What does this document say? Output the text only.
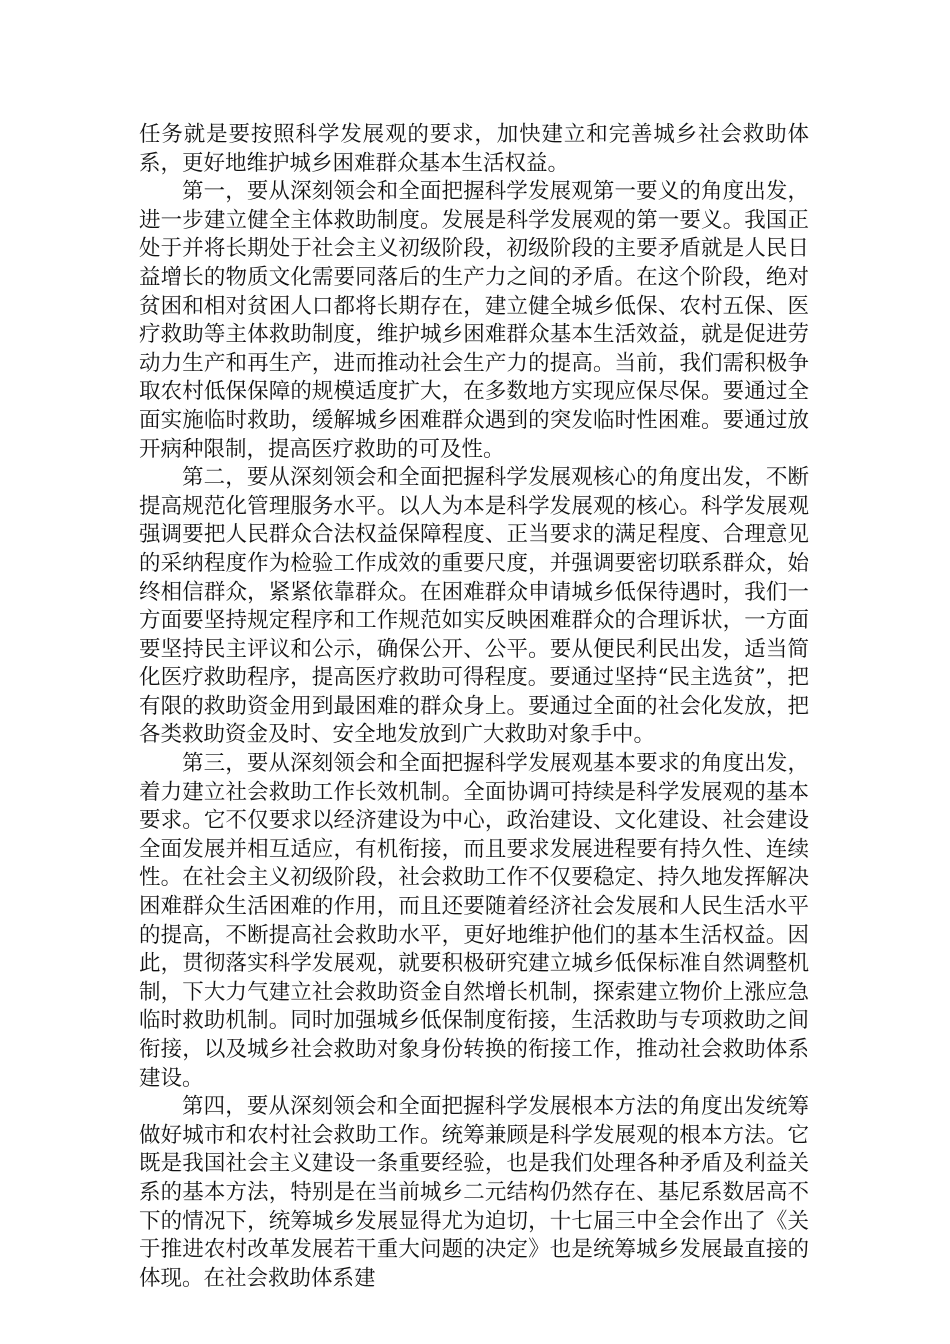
任务就是要按照科学发展观的要求，加快建立和完善城乡社会救助体系，更好地维护城乡困难群众基本生活权益。

第一，要从深刻领会和全面把握科学发展观第一要义的角度出发，进一步建立健全主体救助制度。发展是科学发展观的第一要义。我国正处于并将长期处于社会主义初级阶段，初级阶段的主要矛盾就是人民日益增长的物质文化需要同落后的生产力之间的矛盾。在这个阶段，绝对贫困和相对贫困人口都将长期存在，建立健全城乡低保、农村五保、医疗救助等主体救助制度，维护城乡困难群众基本生活效益，就是促进劳动力生产和再生产，进而推动社会生产力的提高。当前，我们需积极争取农村低保保障的规模适度扩大，在多数地方实现应保尽保。要通过全面实施临时救助，缓解城乡困难群众遇到的突发临时性困难。要通过放开病种限制，提高医疗救助的可及性。

第二，要从深刻领会和全面把握科学发展观核心的角度出发，不断提高规范化管理服务水平。以人为本是科学发展观的核心。科学发展观强调要把人民群众合法权益保障程度、正当要求的满足程度、合理意见的采纳程度作为检验工作成效的重要尺度，并强调要密切联系群众，始终相信群众，紧紧依靠群众。在困难群众申请城乡低保待遇时，我们一方面要坚持规定程序和工作规范如实反映困难群众的合理诉状，一方面要坚持民主评议和公示，确保公开、公平。要从便民利民出发，适当简化医疗救助程序，提高医疗救助可得程度。要通过坚持“民主选贫”，把有限的救助资金用到最困难的群众身上。要通过全面的社会化发放，把各类救助资金及时、安全地发放到广大救助对象手中。

第三，要从深刻领会和全面把握科学发展观基本要求的角度出发，着力建立社会救助工作长效机制。全面协调可持续是科学发展观的基本要求。它不仅要求以经济建设为中心，政治建设、文化建设、社会建设全面发展并相互适应，有机衔接，而且要求发展进程要有持久性、连续性。在社会主义初级阶段，社会救助工作不仅要稳定、持久地发挥解决困难群众生活困难的作用，而且还要随着经济社会发展和人民生活水平的提高，不断提高社会救助水平，更好地维护他们的基本生活权益。因此，贯彻落实科学发展观，就要积极研究建立城乡低保标准自然调整机制，下大力气建立社会救助资金自然增长机制，探索建立物价上涨应急临时救助机制。同时加强城乡低保制度衔接，生活救助与专项救助之间衔接，以及城乡社会救助对象身份转换的衔接工作，推动社会救助体系建设。

第四，要从深刻领会和全面把握科学发展根本方法的角度出发统筹做好城市和农村社会救助工作。统筹兼顾是科学发展观的根本方法。它既是我国社会主义建设一条重要经验，也是我们处理各种矛盾及利益关系的基本方法，特别是在当前城乡二元结构仍然存在、基尼系数居高不下的情况下，统筹城乡发展显得尤为迫切，十七届三中全会作出了《关于推进农村改革发展若干重大问题的决定》也是统筹城乡发展最直接的体现。在社会救助体系建
